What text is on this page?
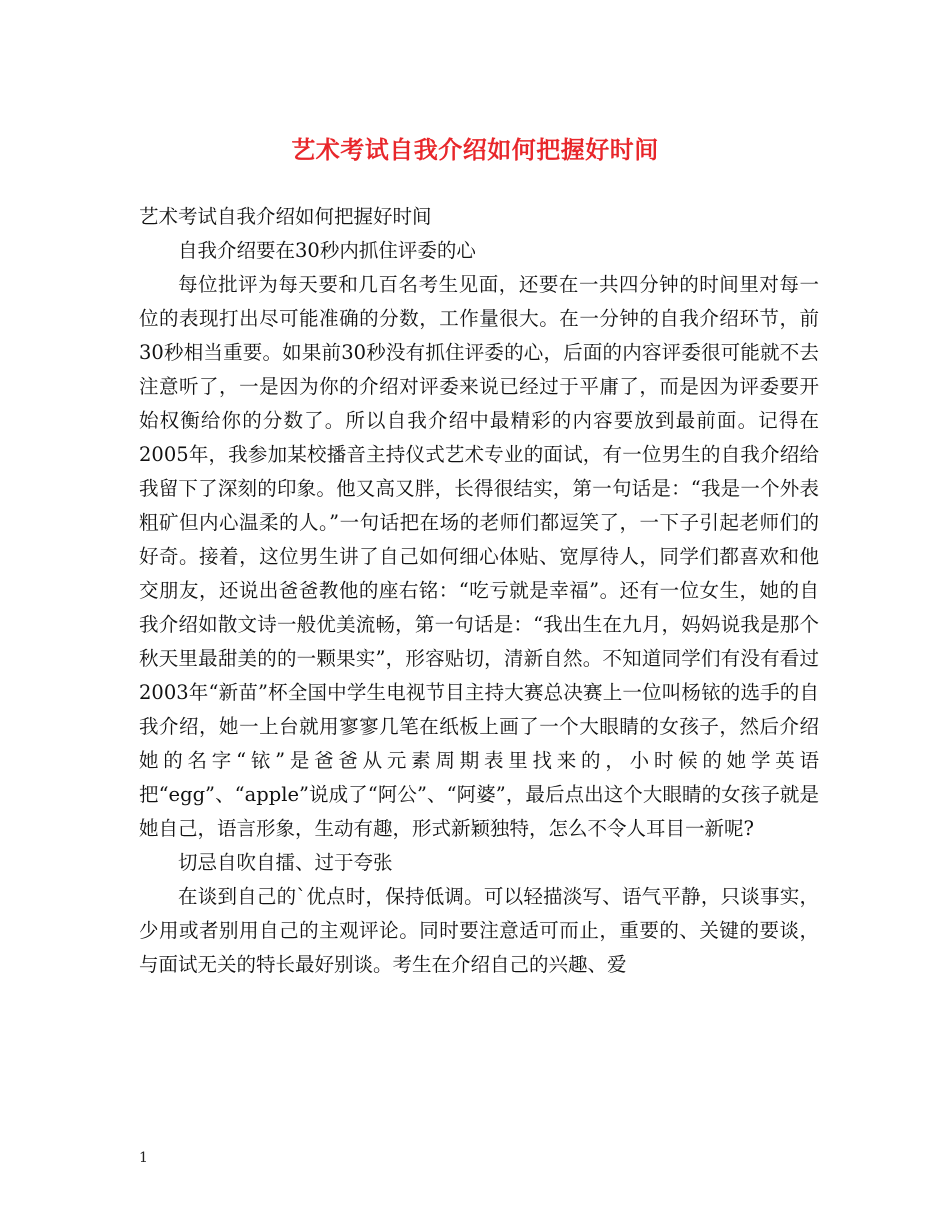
艺术考试自我介绍如何把握好时间

艺术考试自我介绍如何把握好时间

自我介绍要在30秒内抓住评委的心

每位批评为每天要和几百名考生见面，还要在一共四分钟的时间里对每一位的表现打出尽可能准确的分数，工作量很大。在一分钟的自我介绍环节，前30秒相当重要。如果前30秒没有抓住评委的心，后面的内容评委很可能就不去注意听了，一是因为你的介绍对评委来说已经过于平庸了，而是因为评委要开始权衡给你的分数了。所以自我介绍中最精彩的内容要放到最前面。记得在2005年，我参加某校播音主持仪式艺术专业的面试，有一位男生的自我介绍给我留下了深刻的印象。他又高又胖，长得很结实，第一句话是：“我是一个外表粗矿但内心温柔的人。”一句话把在场的老师们都逗笑了，一下子引起老师们的好奇。接着，这位男生讲了自己如何细心体贴、宽厚待人，同学们都喜欢和他交朋友，还说出爸爸教他的座右铭：“吃亏就是幸福”。还有一位女生，她的自我介绍如散文诗一般优美流畅，第一句话是：“我出生在九月，妈妈说我是那个秋天里最甜美的的一颗果实”，形容贴切，清新自然。不知道同学们有没有看过2003年“新苗”杯全国中学生电视节目主持大赛总决赛上一位叫杨铱的选手的自我介绍，她一上台就用寥寥几笔在纸板上画了一个大眼睛的女孩子，然后介绍她的名字“铱”是爸爸从元素周期表里找来的，小时候的她学英语把“egg”、“apple”说成了“阿公”、“阿婆”，最后点出这个大眼睛的女孩子就是她自己，语言形象，生动有趣，形式新颖独特，怎么不令人耳目一新呢?

切忌自吹自擂、过于夸张

在谈到自己的`优点时，保持低调。可以轻描淡写、语气平静，只谈事实，少用或者别用自己的主观评论。同时要注意适可而止，重要的、关键的要谈，与面试无关的特长最好别谈。考生在介绍自己的兴趣、爱

1
